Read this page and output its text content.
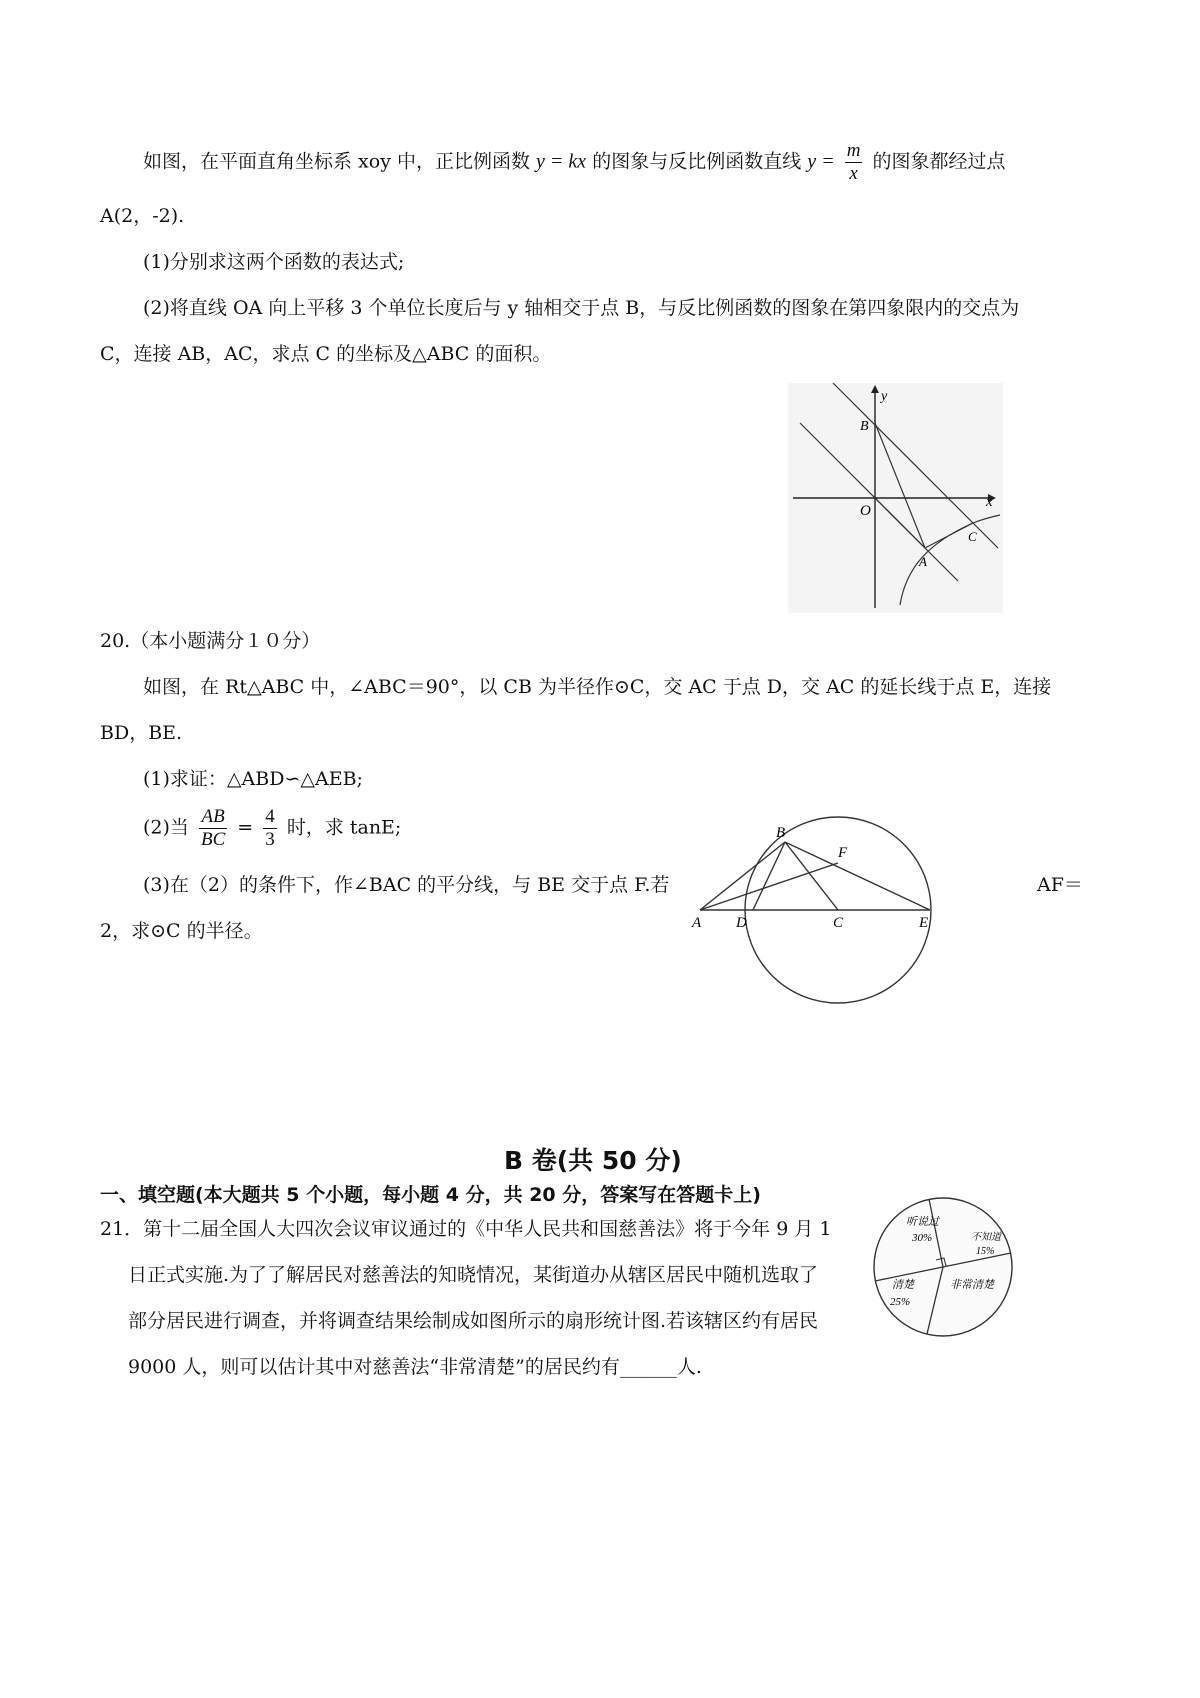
如图，在平面直角坐标系 xoy 中，正比例函数 y = kx 的图象与反比例函数直线 $y = \frac{m}{x}$ 的图象都经过点
A(2，-2).
(1)分别求这两个函数的表达式;
(2)将直线 OA 向上平移 3 个单位长度后与 y 轴相交于点 B，与反比例函数的图象在第四象限内的交点为
C，连接 AB，AC，求点 C 的坐标及△ABC 的面积。
y
x
O
B
A
C
20.（本小题满分１０分）
如图，在 Rt△ABC 中，∠ABC＝90°，以 CB 为半径作⊙C，交 AC 于点 D，交 AC 的延长线于点 E，连接
BD，BE.
(1)求证：△ABD∽△AEB;
(2)当 $\frac{AB}{BC} = \frac{4}{3}$ 时，求 tanE;
(3)在（2）的条件下，作∠BAC 的平分线，与 BE 交于点 F.若	AF＝
2，求⊙C 的半径。	A
B
C
D	E
F
B 卷(共 50 分)
一、填空题(本大题共 5 个小题，每小题 4 分，共 20 分，答案写在答题卡上)
21．第十二届全国人大四次会议审议通过的《中华人民共和国慈善法》将于今年 9 月 1
日正式实施.为了了解居民对慈善法的知晓情况，某街道办从辖区居民中随机选取了
部分居民进行调查，并将调查结果绘制成如图所示的扇形统计图.若该辖区约有居民
9000 人，则可以估计其中对慈善法“非常清楚”的居民约有______人.
听说过
30%	不知道
15%
清楚
25%
非常清楚
